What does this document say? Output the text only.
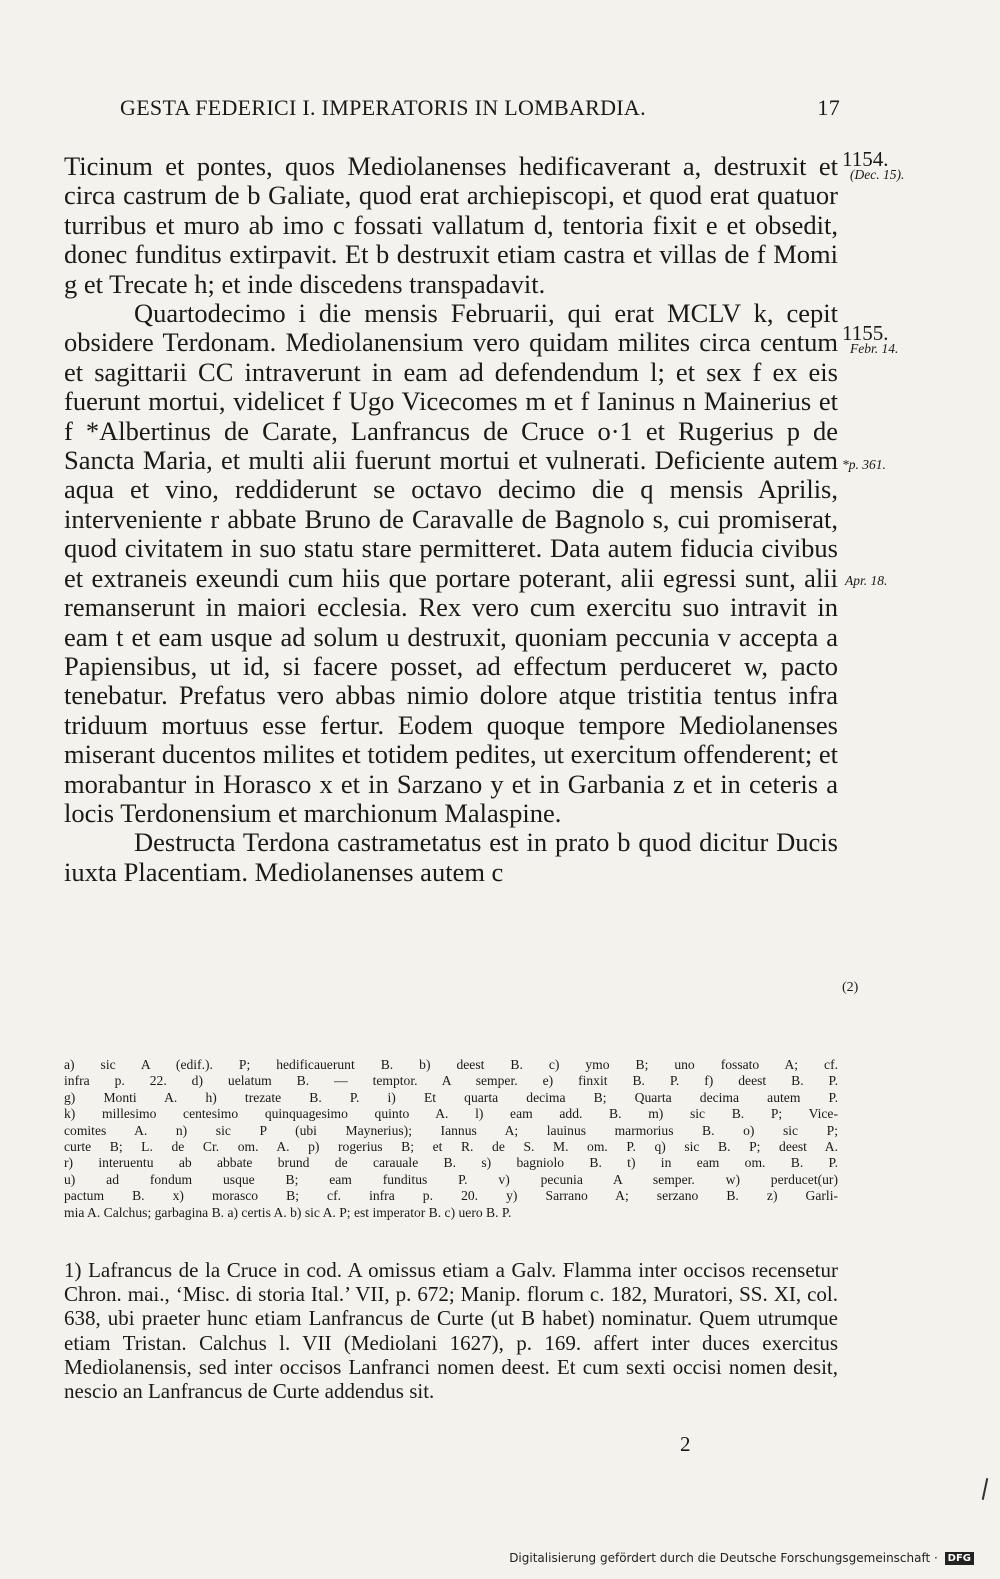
GESTA FEDERICI I. IMPERATORIS IN LOMBARDIA.	17
1154.
(Dec. 15).
1155.
Febr. 14.
*p. 361.
Apr. 18.
(2)

Ticinum et pontes, quos Mediolanenses hedificaverant a, destruxit et circa castrum de b Galiate, quod erat archiepiscopi, et quod erat quatuor turribus et muro ab imo c fossati vallatum d, tentoria fixit e et obsedit, donec funditus extirpavit. Et b destruxit etiam castra et villas de f Momi g et Trecate h; et inde discedens transpadavit.

Quartodecimo i die mensis Februarii, qui erat MCLV k, cepit obsidere Terdonam. Mediolanensium vero quidam milites circa centum et sagittarii CC intraverunt in eam ad defendendum l; et sex f ex eis fuerunt mortui, videlicet f Ugo Vicecomes m et f Ianinus n Mainerius et f *Albertinus de Carate, Lanfrancus de Cruce o·1 et Rugerius p de Sancta Maria, et multi alii fuerunt mortui et vulnerati. Deficiente autem aqua et vino, reddiderunt se octavo decimo die q mensis Aprilis, interveniente r abbate Bruno de Caravalle de Bagnolo s, cui promiserat, quod civitatem in suo statu stare permitteret. Data autem fiducia civibus et extraneis exeundi cum hiis que portare poterant, alii egressi sunt, alii remanserunt in maiori ecclesia. Rex vero cum exercitu suo intravit in eam t et eam usque ad solum u destruxit, quoniam peccunia v accepta a Papiensibus, ut id, si facere posset, ad effectum perduceret w, pacto tenebatur. Prefatus vero abbas nimio dolore atque tristitia tentus infra triduum mortuus esse fertur. Eodem quoque tempore Mediolanenses miserant ducentos milites et totidem pedites, ut exercitum offenderent; et morabantur in Horasco x et in Sarzano y et in Garbania z et in ceteris a locis Terdonensium et marchionum Malaspine.

Destructa Terdona castrametatus est in prato b quod dicitur Ducis iuxta Placentiam. Mediolanenses autem c

a) sic A (edif.). P; hedificauerunt B. b) deest B. c) ymo B; uno fossato A; cf.

infra p. 22. d) uelatum B. — temptor. A semper. e) finxit B. P. f) deest B. P.

g) Monti A. h) trezate B. P. i) Et quarta decima B; Quarta decima autem P.

k) millesimo centesimo quinquagesimo quinto A. l) eam add. B. m) sic B. P; Vice-

comites A. n) sic P (ubi Maynerius); Iannus A; lauinus marmorius B. o) sic P;

curte B; L. de Cr. om. A. p) rogerius B; et R. de S. M. om. P. q) sic B. P; deest A.

r) interuentu ab abbate brund de carauale B. s) bagniolo B. t) in eam om. B. P.

u) ad fondum usque B; eam funditus P. v) pecunia A semper. w) perducet(ur)

pactum B. x) morasco B; cf. infra p. 20. y) Sarrano A; serzano B. z) Garli-

mia A. Calchus; garbagina B. a) certis A. b) sic A. P; est imperator B. c) uero B. P.

1) Lafrancus de la Cruce in cod. A omissus etiam a Galv. Flamma inter occisos recensetur Chron. mai., ‘Misc. di storia Ital.’ VII, p. 672; Manip. florum c. 182, Muratori, SS. XI, col. 638, ubi praeter hunc etiam Lanfrancus de Curte (ut B habet) nominatur. Quem utrumque etiam Tristan. Calchus l. VII (Mediolani 1627), p. 169. affert inter duces exercitus Mediolanensis, sed inter occisos Lanfranci nomen deest. Et cum sexti occisi nomen desit, nescio an Lanfrancus de Curte addendus sit.

2
Digitalisierung gefördert durch die Deutsche Forschungsgemeinschaft · DFG
